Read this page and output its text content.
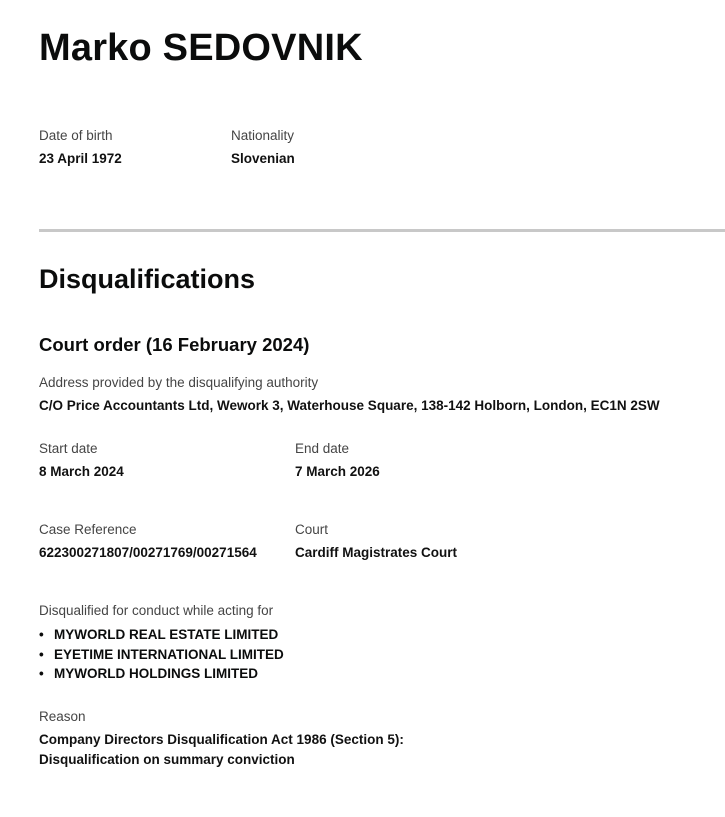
Marko SEDOVNIK
Date of birth
23 April 1972
Nationality
Slovenian
Disqualifications
Court order (16 February 2024)
Address provided by the disqualifying authority
C/O Price Accountants Ltd, Wework 3, Waterhouse Square, 138-142 Holborn, London, EC1N 2SW
Start date
8 March 2024
End date
7 March 2026
Case Reference
622300271807/00271769/00271564
Court
Cardiff Magistrates Court
Disqualified for conduct while acting for
• MYWORLD REAL ESTATE LIMITED
• EYETIME INTERNATIONAL LIMITED
• MYWORLD HOLDINGS LIMITED
Reason
Company Directors Disqualification Act 1986 (Section 5): Disqualification on summary conviction
